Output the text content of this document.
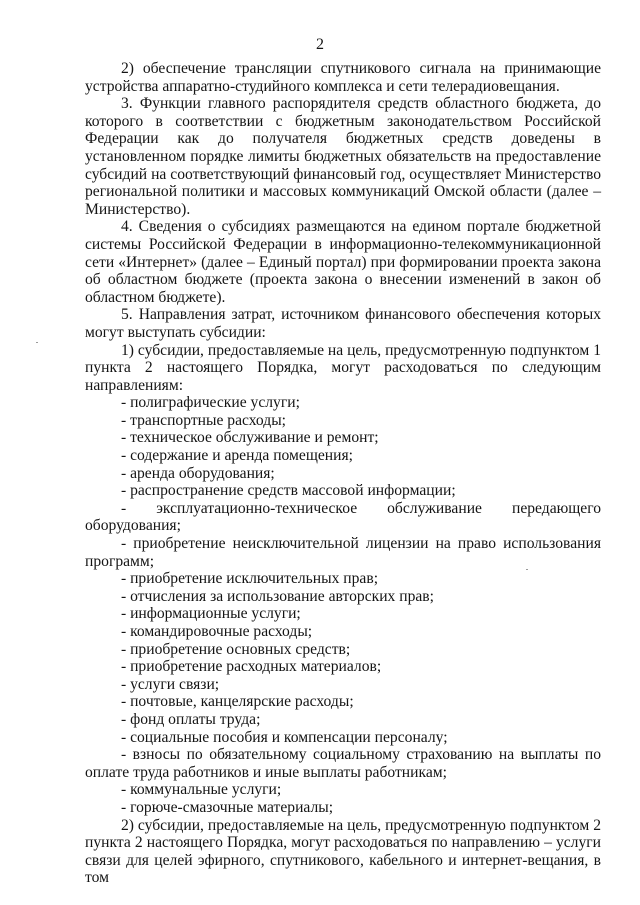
2

2) обеспечение трансляции спутникового сигнала на принимающие устройства аппаратно-студийного комплекса и сети телерадиовещания.

3. Функции главного распорядителя средств областного бюджета, до которого в соответствии с бюджетным законодательством Российской Федерации как до получателя бюджетных средств доведены в установленном порядке лимиты бюджетных обязательств на предоставление субсидий на соответствующий финансовый год, осуществляет Министерство региональной политики и массовых коммуникаций Омской области (далее – Министерство).

4. Сведения о субсидиях размещаются на едином портале бюджетной системы Российской Федерации в информационно-телекоммуникационной сети «Интернет» (далее – Единый портал) при формировании проекта закона об областном бюджете (проекта закона о внесении изменений в закон об областном бюджете).

5. Направления затрат, источником финансового обеспечения которых могут выступать субсидии:

1) субсидии, предоставляемые на цель, предусмотренную подпунктом 1 пункта 2 настоящего Порядка, могут расходоваться по следующим направлениям:

- полиграфические услуги;

- транспортные расходы;

- техническое обслуживание и ремонт;

- содержание и аренда помещения;

- аренда оборудования;

- распространение средств массовой информации;

- эксплуатационно-техническое обслуживание передающего оборудования;

- приобретение неисключительной лицензии на право использования программ;

- приобретение исключительных прав;

- отчисления за использование авторских прав;

- информационные услуги;

- командировочные расходы;

- приобретение основных средств;

- приобретение расходных материалов;

- услуги связи;

- почтовые, канцелярские расходы;

- фонд оплаты труда;

- социальные пособия и компенсации персоналу;

- взносы по обязательному социальному страхованию на выплаты по оплате труда работников и иные выплаты работникам;

- коммунальные услуги;

- горюче-смазочные материалы;

2) субсидии, предоставляемые на цель, предусмотренную подпунктом 2 пункта 2 настоящего Порядка, могут расходоваться по направлению – услуги связи для целей эфирного, спутникового, кабельного и интернет-вещания, в том
